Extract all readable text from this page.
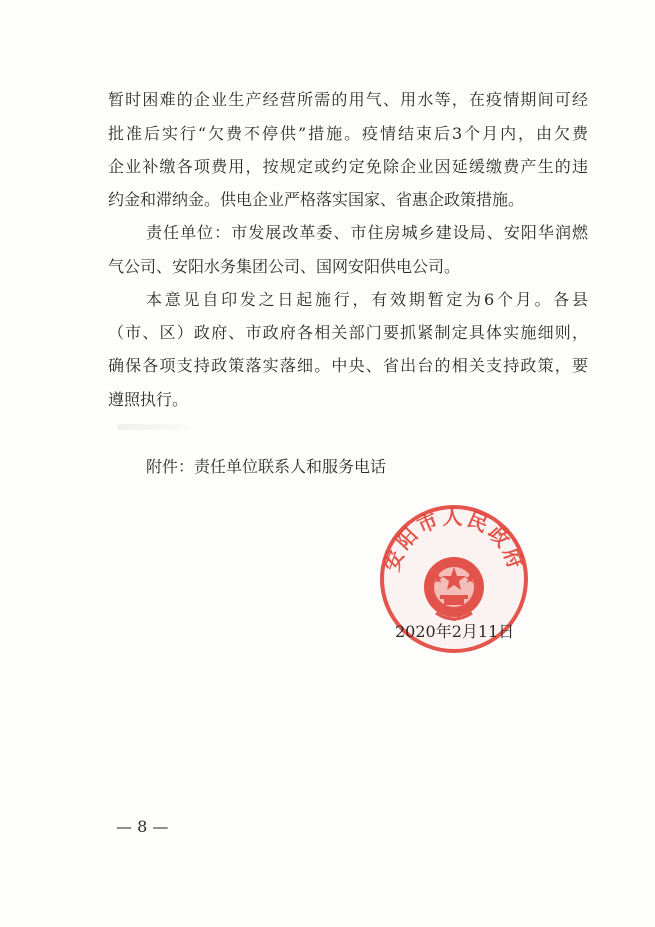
暂时困难的企业生产经营所需的用气、用水等，在疫情期间可经
批准后实行“欠费不停供”措施。疫情结束后3个月内，由欠费
企业补缴各项费用，按规定或约定免除企业因延缓缴费产生的违
约金和滞纳金。供电企业严格落实国家、省惠企政策措施。
责任单位：市发展改革委、市住房城乡建设局、安阳华润燃
气公司、安阳水务集团公司、国网安阳供电公司。
本意见自印发之日起施行，有效期暂定为6个月。各县
（市、区）政府、市政府各相关部门要抓紧制定具体实施细则，
确保各项支持政策落实落细。中央、省出台的相关支持政策，要
遵照执行。
附件：责任单位联系人和服务电话
安阳市人民政府
2020年2月11日
— 8 —
